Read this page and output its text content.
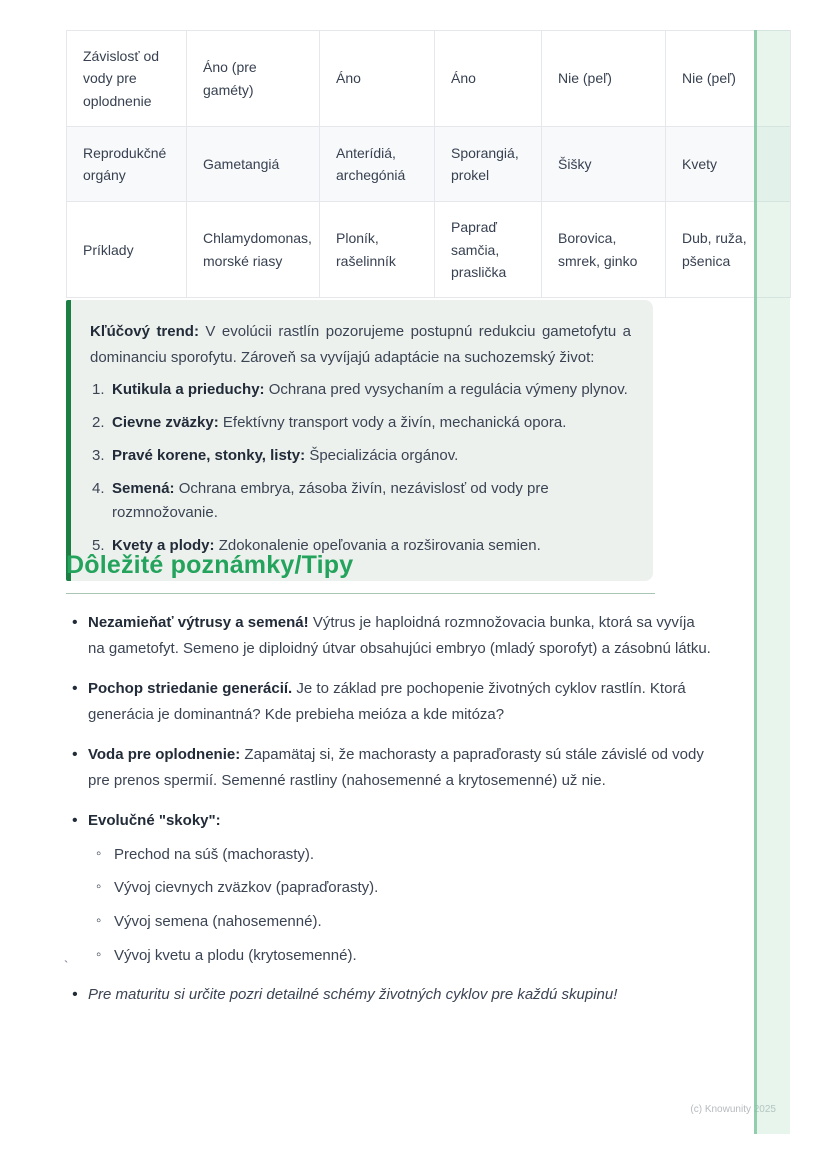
Závislosť od vody pre oplodnenie	Áno (pre gaméty)	Áno	Áno	Nie (peľ)	Nie (peľ)
Reprodukčné orgány	Gametangiá	Anterídiá, archegóniá	Sporangiá, prokel	Šišky	Kvety
Príklady	Chlamydomonas, morské riasy	Ploník, rašelinník	Papraď samčia, praslička	Borovica, smrek, ginko	Dub, ruža, pšenica

Kľúčový trend: V evolúcii rastlín pozorujeme postupnú redukciu gametofytu a dominanciu sporofytu. Zároveň sa vyvíjajú adaptácie na suchozemský život:

Kutikula a prieduchy: Ochrana pred vysychaním a regulácia výmeny plynov.
Cievne zväzky: Efektívny transport vody a živín, mechanická opora.
Pravé korene, stonky, listy: Špecializácia orgánov.
Semená: Ochrana embrya, zásoba živín, nezávislosť od vody pre rozmnožovanie.
Kvety a plody: Zdokonalenie opeľovania a rozširovania semien.
Dôležité poznámky/Tipy
• Nezamieňať výtrusy a semená! Výtrus je haploidná rozmnožovacia bunka, ktorá sa vyvíja na gametofyt. Semeno je diploidný útvar obsahujúci embryo (mladý sporofyt) a zásobnú látku.
• Pochop striedanie generácií. Je to základ pre pochopenie životných cyklov rastlín. Ktorá generácia je dominantná? Kde prebieha meióza a kde mitóza?
• Voda pre oplodnenie: Zapamätaj si, že machorasty a papraďorasty sú stále závislé od vody pre prenos spermií. Semenné rastliny (nahosemenné a krytosemenné) už nie.
• Evolučné "skoky":
◦ Prechod na súš (machorasty).
◦ Vývoj cievnych zväzkov (papraďorasty).
◦ Vývoj semena (nahosemenné).
◦ Vývoj kvetu a plodu (krytosemenné).
• Pre maturitu si určite pozri detailné schémy životných cyklov pre každú skupinu!
`
(c) Knowunity 2025
